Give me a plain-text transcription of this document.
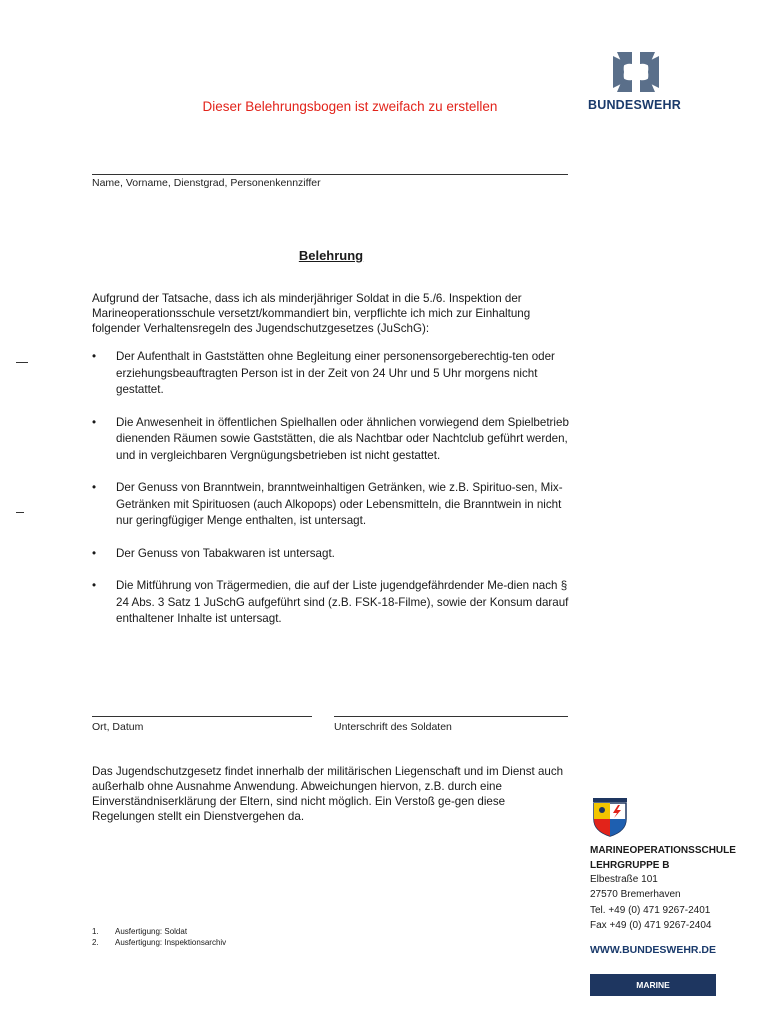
Dieser Belehrungsbogen ist zweifach zu erstellen	BUNDESWEHR
Name, Vorname, Dienstgrad, Personenkennziffer
Belehrung
Aufgrund der Tatsache, dass ich als minderjähriger Soldat in die 5./6. Inspektion der Marineoperationsschule versetzt/kommandiert bin, verpflichte ich mich zur Einhaltung folgender Verhaltensregeln des Jugendschutzgesetzes (JuSchG):
• Der Aufenthalt in Gaststätten ohne Begleitung einer personensorgeberechtig-ten oder erziehungsbeauftragten Person ist in der Zeit von 24 Uhr und 5 Uhr morgens nicht gestattet.
• Die Anwesenheit in öffentlichen Spielhallen oder ähnlichen vorwiegend dem Spielbetrieb dienenden Räumen sowie Gaststätten, die als Nachtbar oder Nachtclub geführt werden, und in vergleichbaren Vergnügungsbetrieben ist nicht gestattet.
• Der Genuss von Branntwein, branntweinhaltigen Getränken, wie z.B. Spirituo-sen, Mix-Getränken mit Spirituosen (auch Alkopops) oder Lebensmitteln, die Branntwein in nicht nur geringfügiger Menge enthalten, ist untersagt.
• Der Genuss von Tabakwaren ist untersagt.
• Die Mitführung von Trägermedien, die auf der Liste jugendgefährdender Me-dien nach § 24 Abs. 3 Satz 1 JuSchG aufgeführt sind (z.B. FSK-18-Filme), sowie der Konsum darauf enthaltener Inhalte ist untersagt.
Ort, Datum	Unterschrift des Soldaten
Das Jugendschutzgesetz findet innerhalb der militärischen Liegenschaft und im Dienst auch außerhalb ohne Ausnahme Anwendung. Abweichungen hiervon, z.B. durch eine Einverständniserklärung der Eltern, sind nicht möglich. Ein Verstoß ge-gen diese Regelungen stellt ein Dienstvergehen da.
1.	Ausfertigung: Soldat
2.	Ausfertigung: Inspektionsarchiv
MARINEOPERATIONSSCHULE
LEHRGRUPPE B
Elbestraße 101
27570 Bremerhaven
Tel. +49 (0) 471 9267-2401
Fax +49 (0) 471 9267-2404
WWW.BUNDESWEHR.DE
MARINE
